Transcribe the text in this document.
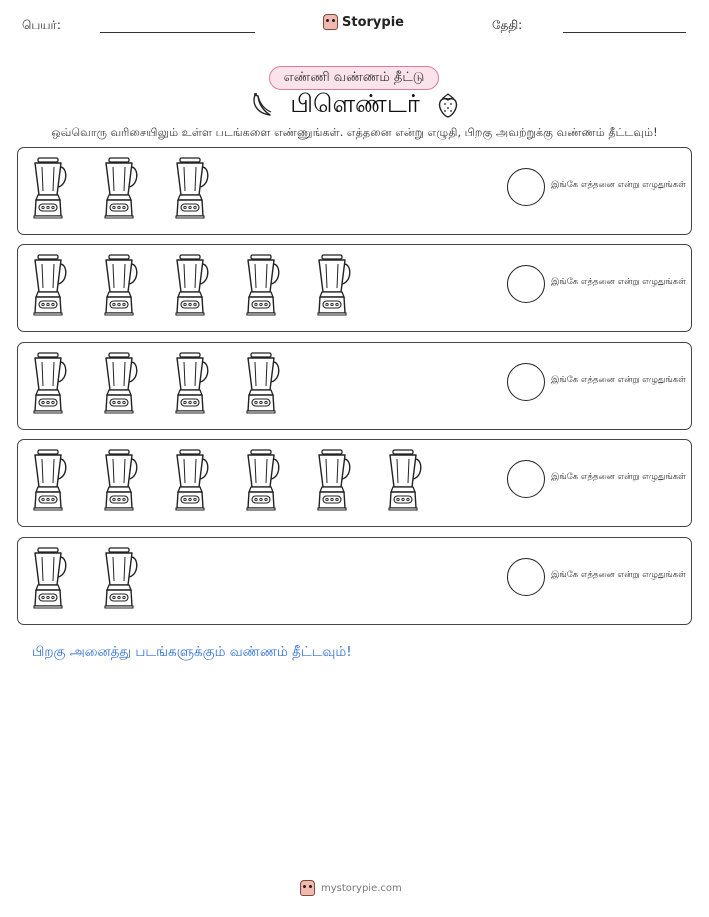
பெயர்:	Storypie	தேதி:
எண்ணி வண்ணம் தீட்டு
பிளெண்டர்
ஒவ்வொரு வரிசையிலும் உள்ள படங்களை எண்ணுங்கள். எத்தனை என்று எழுதி, பிறகு அவற்றுக்கு வண்ணம் தீட்டவும்!
இங்கே எத்தனை என்று எழுதுங்கள்
இங்கே எத்தனை என்று எழுதுங்கள்
இங்கே எத்தனை என்று எழுதுங்கள்
இங்கே எத்தனை என்று எழுதுங்கள்
இங்கே எத்தனை என்று எழுதுங்கள்
பிறகு அனைத்து படங்களுக்கும் வண்ணம் தீட்டவும்!
mystorypie.com
